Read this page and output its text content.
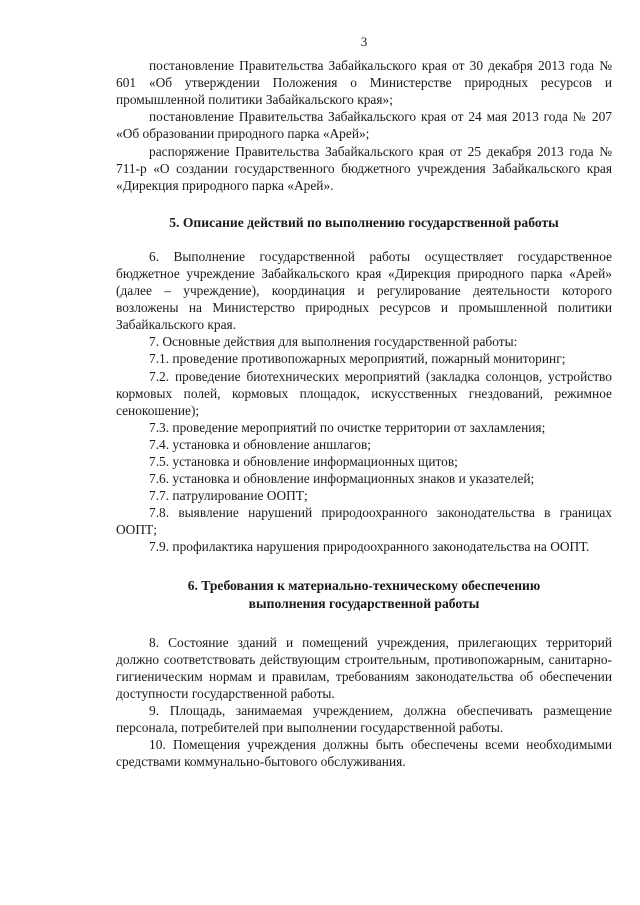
3

постановление Правительства Забайкальского края от 30 декабря 2013 года № 601 «Об утверждении Положения о Министерстве природных ресурсов и промышленной политики Забайкальского края»;

постановление Правительства Забайкальского края от 24 мая 2013 года № 207 «Об образовании природного парка «Арей»;

распоряжение Правительства Забайкальского края от 25 декабря 2013 года № 711-р «О создании государственного бюджетного учреждения Забайкальского края «Дирекция природного парка «Арей».

5. Описание действий по выполнению государственной работы

6. Выполнение государственной работы осуществляет государственное бюджетное учреждение Забайкальского края «Дирекция природного парка «Арей» (далее – учреждение), координация и регулирование деятельности которого возложены на Министерство природных ресурсов и промышленной политики Забайкальского края.

7. Основные действия для выполнения государственной работы:

7.1. проведение противопожарных мероприятий, пожарный мониторинг;

7.2. проведение биотехнических мероприятий (закладка солонцов, устройство кормовых полей, кормовых площадок, искусственных гнездований, режимное сенокошение);

7.3. проведение мероприятий по очистке территории от захламления;

7.4. установка и обновление аншлагов;

7.5. установка и обновление информационных щитов;

7.6. установка и обновление информационных знаков и указателей;

7.7. патрулирование ООПТ;

7.8. выявление нарушений природоохранного законодательства в границах ООПТ;

7.9. профилактика нарушения природоохранного законодательства на ООПТ.

6. Требования к материально-техническому обеспечению
выполнения государственной работы

8. Состояние зданий и помещений учреждения, прилегающих территорий должно соответствовать действующим строительным, противопожарным, санитарно-гигиеническим нормам и правилам, требованиям законодательства об обеспечении доступности государственной работы.

9. Площадь, занимаемая учреждением, должна обеспечивать размещение персонала, потребителей при выполнении государственной работы.

10. Помещения учреждения должны быть обеспечены всеми необходимыми средствами коммунально-бытового обслуживания.
